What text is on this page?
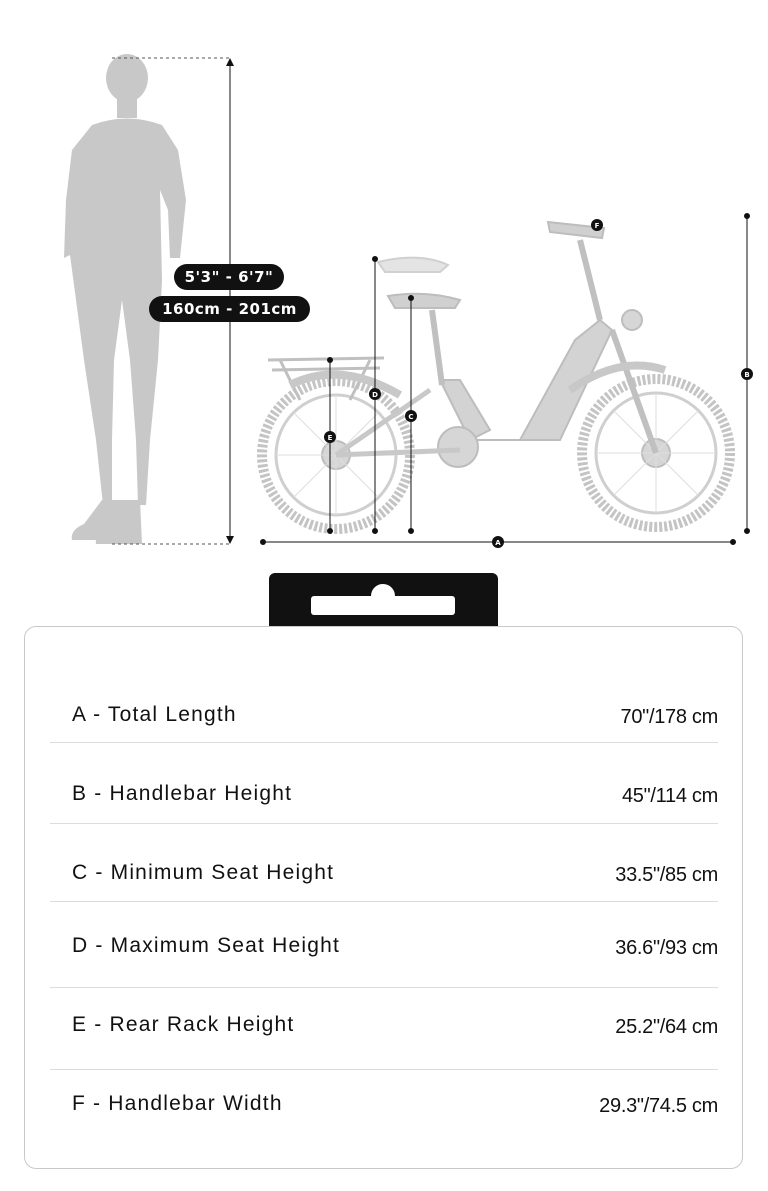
A
B
C
D
E
F
5'3" - 6'7"
160cm - 201cm
A - Total Length	70"/178 cm
B - Handlebar Height	45"/114 cm
C - Minimum Seat Height	33.5"/85 cm
D - Maximum Seat Height	36.6"/93 cm
E - Rear Rack Height	25.2"/64 cm
F - Handlebar Width	29.3"/74.5 cm
